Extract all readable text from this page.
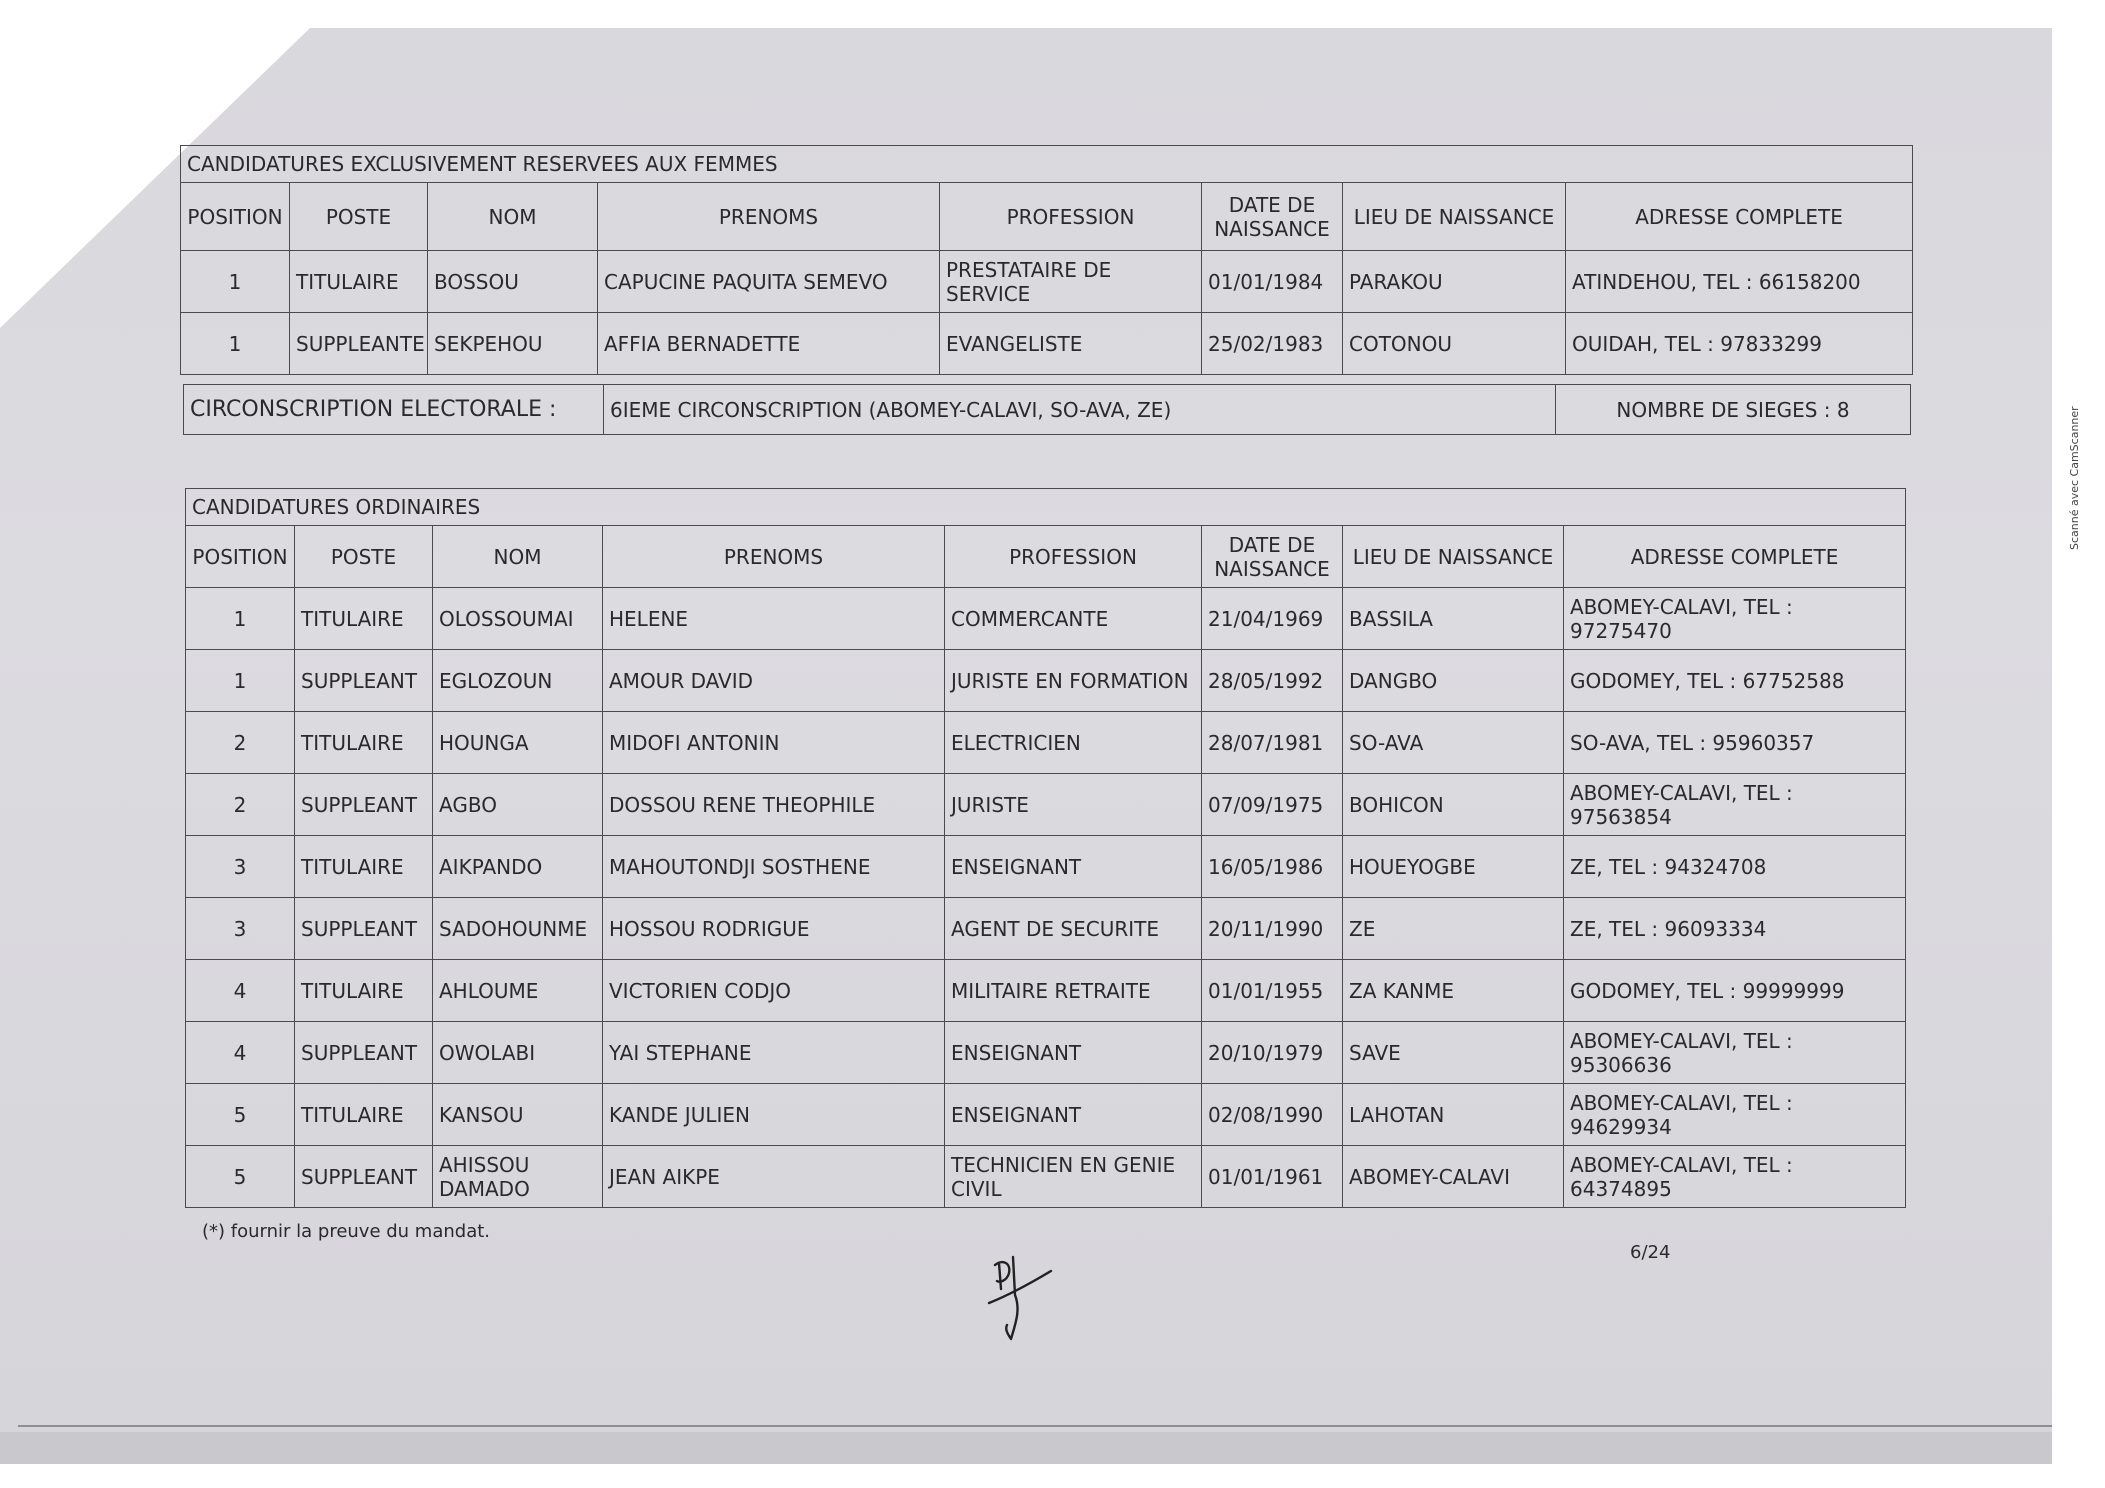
Scanné avec CamScanner
CANDIDATURES EXCLUSIVEMENT RESERVEES AUX FEMMES							
POSITION	POSTE	NOM	PRENOMS	PROFESSION	DATE DE NAISSANCE	LIEU DE NAISSANCE	ADRESSE COMPLETE
1	TITULAIRE	BOSSOU	CAPUCINE PAQUITA SEMEVO	PRESTATAIRE DE SERVICE	01/01/1984	PARAKOU	ATINDEHOU, TEL : 66158200
1	SUPPLEANTE	SEKPEHOU	AFFIA BERNADETTE	EVANGELISTE	25/02/1983	COTONOU	OUIDAH, TEL : 97833299
CIRCONSCRIPTION ELECTORALE :	6IEME CIRCONSCRIPTION (ABOMEY-CALAVI, SO-AVA, ZE)	NOMBRE DE SIEGES : 8
CANDIDATURES ORDINAIRES							
POSITION	POSTE	NOM	PRENOMS	PROFESSION	DATE DE NAISSANCE	LIEU DE NAISSANCE	ADRESSE COMPLETE
1	TITULAIRE	OLOSSOUMAI	HELENE	COMMERCANTE	21/04/1969	BASSILA	ABOMEY-CALAVI, TEL : 97275470
1	SUPPLEANT	EGLOZOUN	AMOUR DAVID	JURISTE EN FORMATION	28/05/1992	DANGBO	GODOMEY, TEL : 67752588
2	TITULAIRE	HOUNGA	MIDOFI ANTONIN	ELECTRICIEN	28/07/1981	SO-AVA	SO-AVA, TEL : 95960357
2	SUPPLEANT	AGBO	DOSSOU RENE THEOPHILE	JURISTE	07/09/1975	BOHICON	ABOMEY-CALAVI, TEL : 97563854
3	TITULAIRE	AIKPANDO	MAHOUTONDJI SOSTHENE	ENSEIGNANT	16/05/1986	HOUEYOGBE	ZE, TEL : 94324708
3	SUPPLEANT	SADOHOUNME	HOSSOU RODRIGUE	AGENT DE SECURITE	20/11/1990	ZE	ZE, TEL : 96093334
4	TITULAIRE	AHLOUME	VICTORIEN CODJO	MILITAIRE RETRAITE	01/01/1955	ZA KANME	GODOMEY, TEL : 99999999
4	SUPPLEANT	OWOLABI	YAI STEPHANE	ENSEIGNANT	20/10/1979	SAVE	ABOMEY-CALAVI, TEL : 95306636
5	TITULAIRE	KANSOU	KANDE JULIEN	ENSEIGNANT	02/08/1990	LAHOTAN	ABOMEY-CALAVI, TEL : 94629934
5	SUPPLEANT	AHISSOU DAMADO	JEAN AIKPE	TECHNICIEN EN GENIE CIVIL	01/01/1961	ABOMEY-CALAVI	ABOMEY-CALAVI, TEL : 64374895
(*) fournir la preuve du mandat.
6/24
